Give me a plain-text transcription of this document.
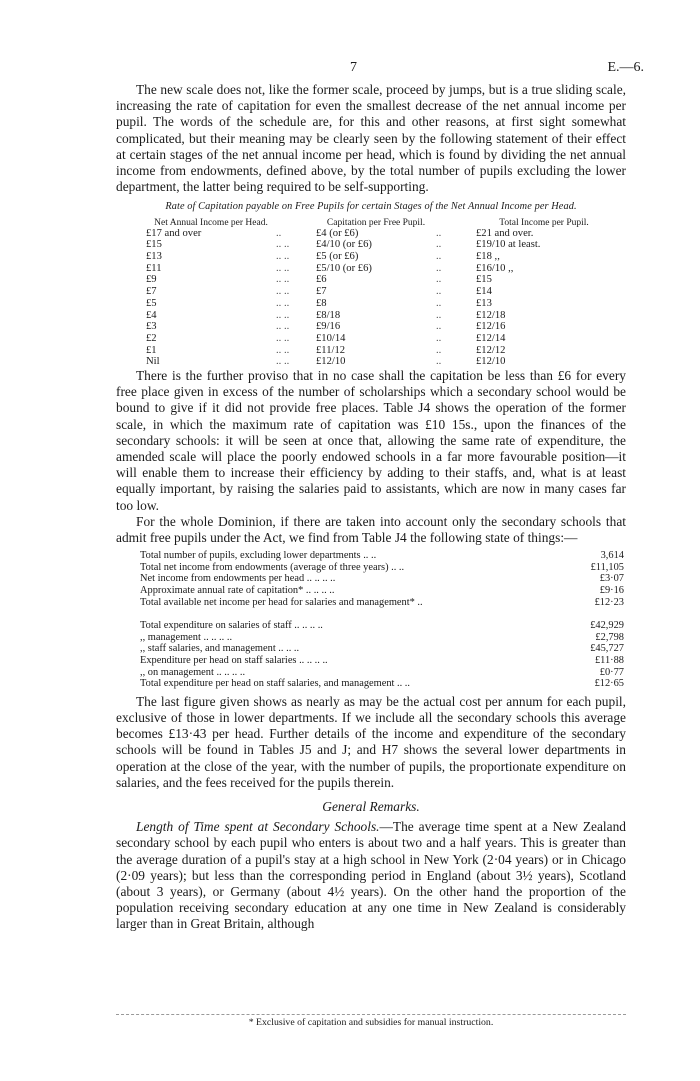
7	E.—6.

The new scale does not, like the former scale, proceed by jumps, but is a true sliding scale, increasing the rate of capitation for even the smallest decrease of the net annual income per pupil. The words of the schedule are, for this and other reasons, at first sight somewhat complicated, but their meaning may be clearly seen by the following statement of their effect at certain stages of the net annual income per head, which is found by dividing the net annual income from endowments, defined above, by the total number of pupils excluding the lower department, the latter being required to be self-supporting.

Rate of Capitation payable on Free Pupils for certain Stages of the Net Annual Income per Head.
Net Annual Income per Head.		Capitation per Free Pupil.		Total Income per Pupil.
£17 and over	..	£4 (or £6)	..	£21 and over.
£15	.. ..	£4/10 (or £6)	..	£19/10 at least.
£13	.. ..	£5 (or £6)	..	£18 ,,
£11	.. ..	£5/10 (or £6)	..	£16/10 ,,
£9	.. ..	£6	..	£15
£7	.. ..	£7	..	£14
£5	.. ..	£8	..	£13
£4	.. ..	£8/18	..	£12/18
£3	.. ..	£9/16	..	£12/16
£2	.. ..	£10/14	..	£12/14
£1	.. ..	£11/12	..	£12/12
Nil	.. ..	£12/10	..	£12/10

There is the further proviso that in no case shall the capitation be less than £6 for every free place given in excess of the number of scholarships which a secondary school would be bound to give if it did not provide free places. Table J4 shows the operation of the former scale, in which the maximum rate of capitation was £10 15s., upon the finances of the secondary schools: it will be seen at once that, allowing the same rate of expenditure, the amended scale will place the poorly endowed schools in a far more favourable position—it will enable them to increase their efficiency by adding to their staffs, and, what is at least equally important, by raising the salaries paid to assistants, which are now in many cases far too low.

For the whole Dominion, if there are taken into account only the secondary schools that admit free pupils under the Act, we find from Table J4 the following state of things:—

Total number of pupils, excluding lower departments .. ..	3,614
Total net income from endowments (average of three years) .. ..	£11,105
Net income from endowments per head .. .. .. ..	£3·07
Approximate annual rate of capitation* .. .. .. ..	£9·16
Total available net income per head for salaries and management* ..	£12·23
Total expenditure on salaries of staff .. .. .. ..	£42,929
,, management .. .. .. ..	£2,798
,, staff salaries, and management .. .. ..	£45,727
Expenditure per head on staff salaries .. .. .. ..	£11·88
,, on management .. .. .. ..	£0·77
Total expenditure per head on staff salaries, and management .. ..	£12·65

The last figure given shows as nearly as may be the actual cost per annum for each pupil, exclusive of those in lower departments. If we include all the secondary schools this average becomes £13·43 per head. Further details of the income and expenditure of the secondary schools will be found in Tables J5 and J; and H7 shows the several lower departments in operation at the close of the year, with the number of pupils, the proportionate expenditure on salaries, and the fees received for the pupils therein.

General Remarks.

Length of Time spent at Secondary Schools.—The average time spent at a New Zealand secondary school by each pupil who enters is about two and a half years. This is greater than the average duration of a pupil's stay at a high school in New York (2·04 years) or in Chicago (2·09 years); but less than the corresponding period in England (about 3½ years), Scotland (about 3 years), or Germany (about 4½ years). On the other hand the proportion of the population receiving secondary education at any one time in New Zealand is considerably larger than in Great Britain, although

* Exclusive of capitation and subsidies for manual instruction.
